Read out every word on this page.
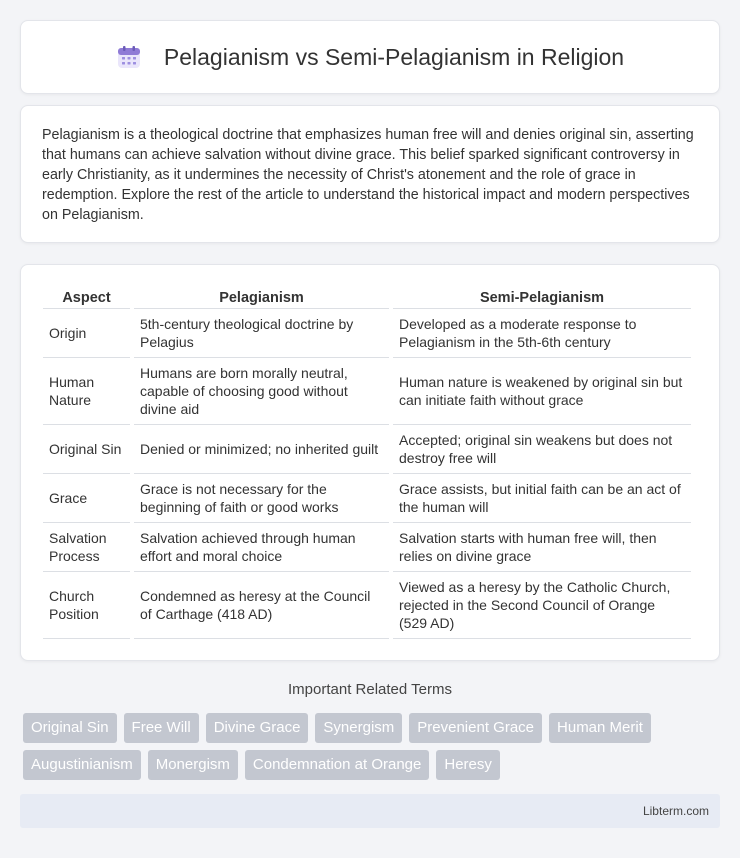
Pelagianism vs Semi-Pelagianism in Religion

Pelagianism is a theological doctrine that emphasizes human free will and denies original sin, asserting that humans can achieve salvation without divine grace. This belief sparked significant controversy in early Christianity, as it undermines the necessity of Christ's atonement and the role of grace in redemption. Explore the rest of the article to understand the historical impact and modern perspectives on Pelagianism.

Aspect	Pelagianism	Semi-Pelagianism
Origin	5th-century theological doctrine by Pelagius	Developed as a moderate response to Pelagianism in the 5th-6th century
Human Nature	Humans are born morally neutral, capable of choosing good without divine aid	Human nature is weakened by original sin but can initiate faith without grace
Original Sin	Denied or minimized; no inherited guilt	Accepted; original sin weakens but does not destroy free will
Grace	Grace is not necessary for the beginning of faith or good works	Grace assists, but initial faith can be an act of the human will
Salvation Process	Salvation achieved through human effort and moral choice	Salvation starts with human free will, then relies on divine grace
Church Position	Condemned as heresy at the Council of Carthage (418 AD)	Viewed as a heresy by the Catholic Church, rejected in the Second Council of Orange (529 AD)
Important Related Terms
Original Sin	Free Will	Divine Grace	Synergism	Prevenient Grace	Human Merit
Augustinianism	Monergism	Condemnation at Orange	Heresy
Libterm.com
